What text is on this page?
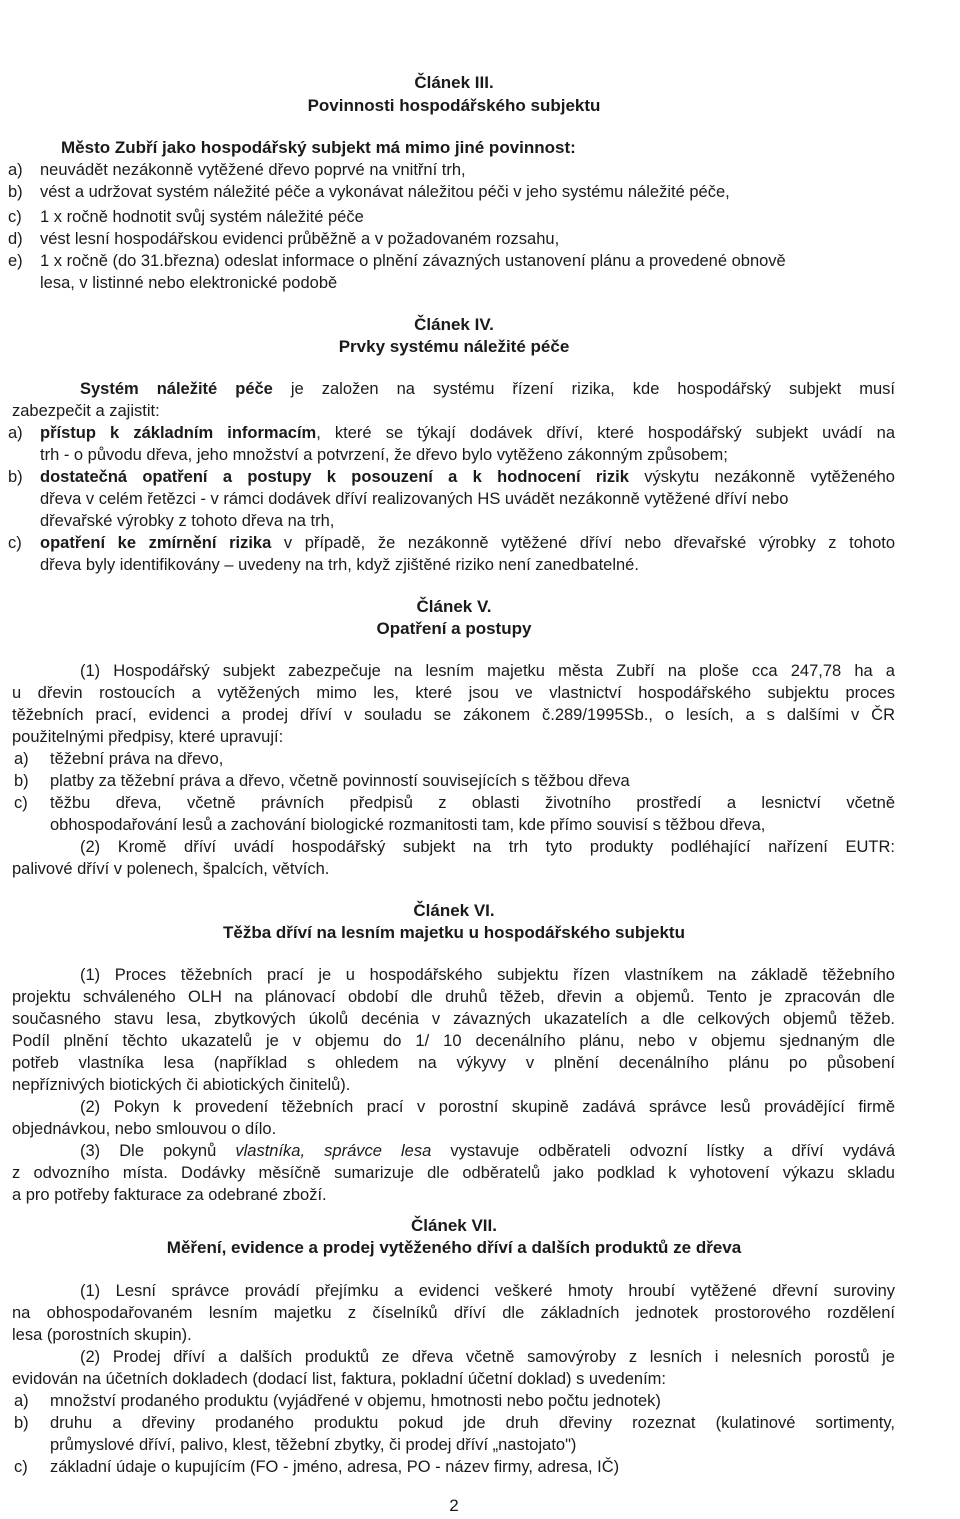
Článek III.
Povinnosti hospodářského subjektu
Město Zubří jako hospodářský subjekt má mimo jiné povinnost:
a) neuvádět nezákonně vytěžené dřevo poprvé na vnitřní trh,
b) vést a udržovat systém náležité péče a vykonávat náležitou péči v jeho systému náležité péče,
c) 1 x ročně hodnotit svůj systém náležité péče
d) vést lesní hospodářskou evidenci průběžně a v požadovaném rozsahu,
e) 1 x ročně (do 31.března) odeslat informace o plnění závazných ustanovení plánu a provedené obnově
lesa, v listinné nebo elektronické podobě
Článek IV.
Prvky systému náležité péče
Systém náležité péče je založen na systému řízení rizika, kde hospodářský subjekt musí
zabezpečit a zajistit:
a) přístup k základním informacím, které se týkají dodávek dříví, které hospodářský subjekt uvádí na
trh - o původu dřeva, jeho množství a potvrzení, že dřevo bylo vytěženo zákonným způsobem;
b) dostatečná opatření a postupy k posouzení a k hodnocení rizik výskytu nezákonně vytěženého
dřeva v celém řetězci - v rámci dodávek dříví realizovaných HS uvádět nezákonně vytěžené dříví nebo
dřevařské výrobky z tohoto dřeva na trh,
c) opatření ke zmírnění rizika v případě, že nezákonně vytěžené dříví nebo dřevařské výrobky z tohoto
dřeva byly identifikovány – uvedeny na trh, když zjištěné riziko není zanedbatelné.
Článek V.
Opatření a postupy
(1) Hospodářský subjekt zabezpečuje na lesním majetku města Zubří na ploše cca 247,78 ha a
u dřevin rostoucích a vytěžených mimo les, které jsou ve vlastnictví hospodářského subjektu proces
těžebních prací, evidenci a prodej dříví v souladu se zákonem č.289/1995Sb., o lesích, a s dalšími v ČR
použitelnými předpisy, které upravují:
a) těžební práva na dřevo,
b) platby za těžební práva a dřevo, včetně povinností souvisejících s těžbou dřeva
c) těžbu dřeva, včetně právních předpisů z oblasti životního prostředí a lesnictví včetně
obhospodařování lesů a zachování biologické rozmanitosti tam, kde přímo souvisí s těžbou dřeva,
(2) Kromě dříví uvádí hospodářský subjekt na trh tyto produkty podléhající nařízení EUTR:
palivové dříví v polenech, špalcích, větvích.
Článek VI.
Těžba dříví na lesním majetku u hospodářského subjektu
(1) Proces těžebních prací je u hospodářského subjektu řízen vlastníkem na základě těžebního
projektu schváleného OLH na plánovací období dle druhů těžeb, dřevin a objemů. Tento je zpracován dle
současného stavu lesa, zbytkových úkolů decénia v závazných ukazatelích a dle celkových objemů těžeb.
Podíl plnění těchto ukazatelů je v objemu do 1/ 10 decenálního plánu, nebo v objemu sjednaným dle
potřeb vlastníka lesa (například s ohledem na výkyvy v plnění decenálního plánu po působení
nepříznivých biotických či abiotických činitelů).
(2) Pokyn k provedení těžebních prací v porostní skupině zadává správce lesů provádějící firmě
objednávkou, nebo smlouvou o dílo.
(3) Dle pokynů vlastníka, správce lesa vystavuje odběrateli odvozní lístky a dříví vydává
z odvozního místa. Dodávky měsíčně sumarizuje dle odběratelů jako podklad k vyhotovení výkazu skladu
a pro potřeby fakturace za odebrané zboží.
Článek VII.
Měření, evidence a prodej vytěženého dříví a dalších produktů ze dřeva
(1) Lesní správce provádí přejímku a evidenci veškeré hmoty hroubí vytěžené dřevní suroviny
na obhospodařovaném lesním majetku z číselníků dříví dle základních jednotek prostorového rozdělení
lesa (porostních skupin).
(2) Prodej dříví a dalších produktů ze dřeva včetně samovýroby z lesních i nelesních porostů je
evidován na účetních dokladech (dodací list, faktura, pokladní účetní doklad) s uvedením:
a) množství prodaného produktu (vyjádřené v objemu, hmotnosti nebo počtu jednotek)
b) druhu a dřeviny prodaného produktu pokud jde druh dřeviny rozeznat (kulatinové sortimenty,
průmyslové dříví, palivo, klest, těžební zbytky, či prodej dříví „nastojato")
c) základní údaje o kupujícím (FO - jméno, adresa, PO - název firmy, adresa, IČ)
2
